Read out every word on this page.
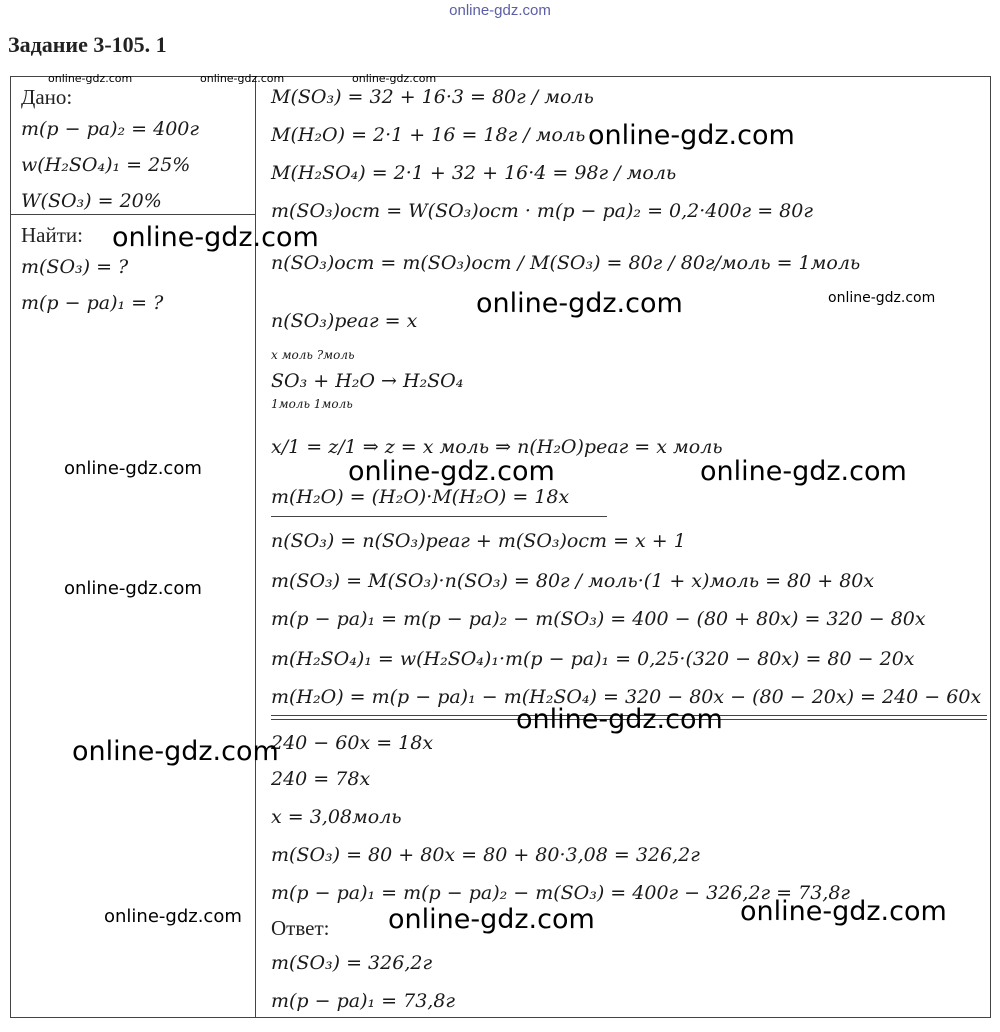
online-gdz.com
Задание 3-105. 1
Дано:
m(p − pa)₂ = 400г
w(H₂SO₄)₁ = 25%
W(SO₃) = 20%
Найти:
m(SO₃) = ?
m(p − pa)₁ = ?
M(SO₃) = 32 + 16·3 = 80г / моль
M(H₂O) = 2·1 + 16 = 18г / моль
M(H₂SO₄) = 2·1 + 32 + 16·4 = 98г / моль
m(SO₃)ост = W(SO₃)ост · m(p − pa)₂ = 0,2·400г = 80г
n(SO₃)ост = m(SO₃)ост / M(SO₃) = 80г / 80г/моль = 1моль
n(SO₃)реаг = x
x моль ?моль
SO₃ + H₂O → H₂SO₄
1моль 1моль
x/1 = z/1 ⇒ z = x моль ⇒ n(H₂O)реаг = x моль
m(H₂O) = (H₂O)·M(H₂O) = 18x
n(SO₃) = n(SO₃)реаг + m(SO₃)ост = x + 1
m(SO₃) = M(SO₃)·n(SO₃) = 80г / моль·(1 + x)моль = 80 + 80x
m(p − pa)₁ = m(p − pa)₂ − m(SO₃) = 400 − (80 + 80x) = 320 − 80x
m(H₂SO₄)₁ = w(H₂SO₄)₁·m(p − pa)₁ = 0,25·(320 − 80x) = 80 − 20x
m(H₂O) = m(p − pa)₁ − m(H₂SO₄) = 320 − 80x − (80 − 20x) = 240 − 60x
240 − 60x = 18x
240 = 78x
x = 3,08моль
m(SO₃) = 80 + 80x = 80 + 80·3,08 = 326,2г
m(p − pa)₁ = m(p − pa)₂ − m(SO₃) = 400г − 326,2г = 73,8г
Ответ:
m(SO₃) = 326,2г
m(p − pa)₁ = 73,8г
online-gdz.com	online-gdz.com	online-gdz.com
online-gdz.com
online-gdz.com
online-gdz.com	online-gdz.com
online-gdz.com	online-gdz.com	online-gdz.com
online-gdz.com
online-gdz.com
online-gdz.com
online-gdz.com
online-gdz.com	online-gdz.com
